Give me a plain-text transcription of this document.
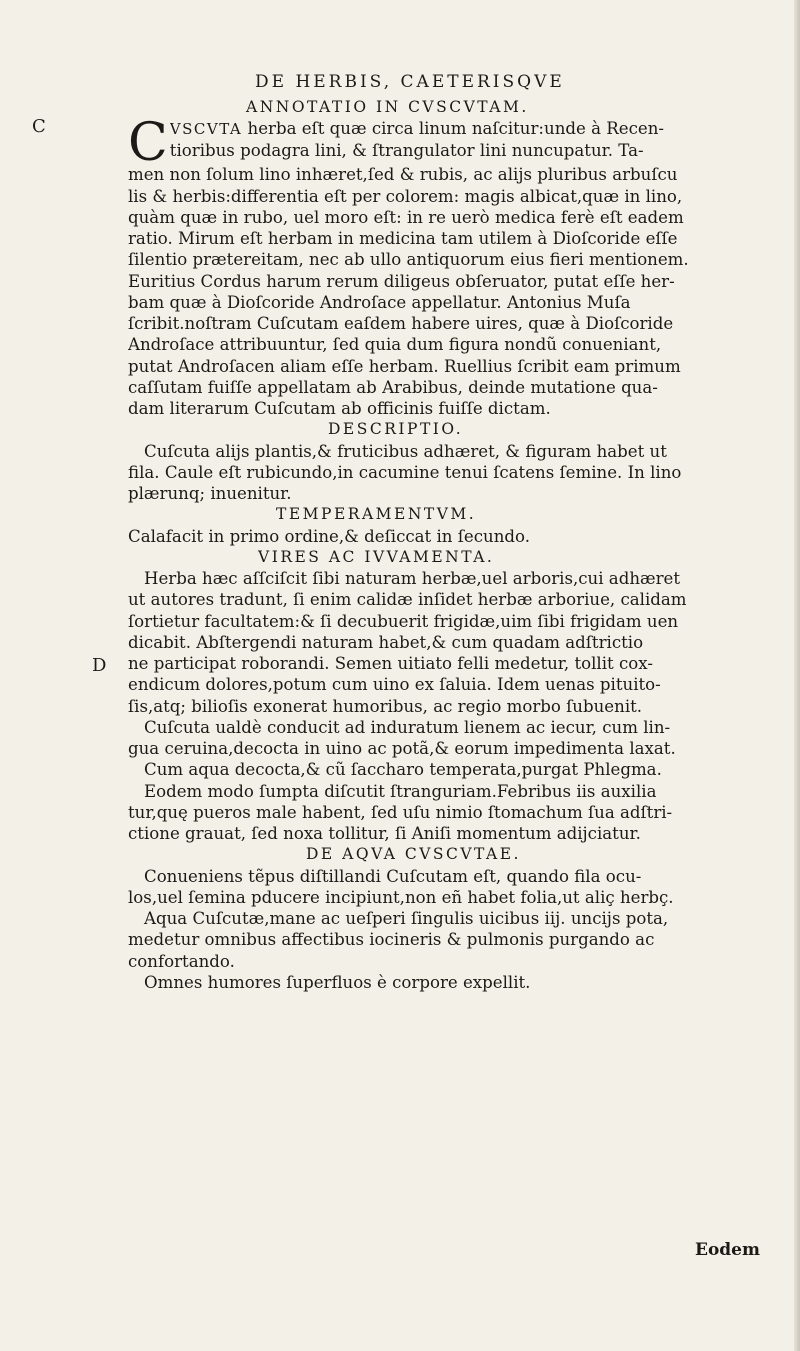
DE HERBIS, CAETERISQVE
C
D
ANNOTATIO IN CVSCVTAM.
C VSCVTA herba eſt quæ circa linum naſcitur:unde à Recen-
tioribus podagra lini, & ſtrangulator lini nuncupatur. Ta-
men non ſolum lino inhæret,ſed & rubis, ac alijs pluribus arbuſcu
lis & herbis:differentia eſt per colorem: magis albicat,quæ in lino,
quàm quæ in rubo, uel moro eſt: in re uerò medica ferè eſt eadem
ratio. Mirum eſt herbam in medicina tam utilem à Dioſcoride eſſe
ſilentio prætereitam, nec ab ullo antiquorum eius fieri mentionem.
Euritius Cordus harum rerum diligeus obſeruator, putat eſſe her-
bam quæ à Dioſcoride Androſace appellatur. Antonius Muſa
ſcribit.noſtram Cuſcutam eaſdem habere uires, quæ à Dioſcoride
Androſace attribuuntur, ſed quia dum figura nondũ conueniant,
putat Androſacen aliam eſſe herbam. Ruellius ſcribit eam primum
caſſutam fuiſſe appellatam ab Arabibus, deinde mutatione qua-
dam literarum Cuſcutam ab officinis fuiſſe dictam.
DESCRIPTIO.
Cuſcuta alijs plantis,& fruticibus adhæret, & figuram habet ut
fila. Caule eſt rubicundo,in cacumine tenui ſcatens ſemine. In lino
plærunq; inuenitur.
TEMPERAMENTVM.
Calafacit in primo ordine,& deſiccat in ſecundo.
VIRES AC IVVAMENTA.
Herba hæc aſſciſcit ſibi naturam herbæ,uel arboris,cui adhæret
ut autores tradunt, ſi enim calidæ inſidet herbæ arboriue, calidam
ſortietur facultatem:& ſi decubuerit frigidæ,uim ſibi frigidam uen
dicabit. Abſtergendi naturam habet,& cum quadam adſtrictio
ne participat roborandi. Semen uitiato felli medetur, tollit cox-
endicum dolores,potum cum uino ex ſaluia. Idem uenas pituito-
ſis,atq; bilioſis exonerat humoribus, ac regio morbo ſubuenit.
Cuſcuta ualdè conducit ad induratum lienem ac iecur, cum lin-
gua ceruina,decocta in uino ac potã,& eorum impedimenta laxat.
Cum aqua decocta,& cũ ſaccharo temperata,purgat Phlegma.
Eodem modo ſumpta diſcutit ſtranguriam.Febribus iis auxilia
tur,quę pueros male habent, ſed uſu nimio ſtomachum ſua adſtri-
ctione grauat, ſed noxa tollitur, ſi Aniſi momentum adijciatur.
DE AQVA CVSCVTAE.
Conueniens tẽpus diſtillandi Cuſcutam eſt, quando fila ocu-
los,uel ſemina pducere incipiunt,non eñ habet folia,ut aliç herbç.
Aqua Cuſcutæ,mane ac ueſperi ſingulis uicibus iij. uncijs pota,
medetur omnibus affectibus iocineris & pulmonis purgando ac
confortando.
Omnes humores ſuperfluos è corpore expellit.
Eodem
